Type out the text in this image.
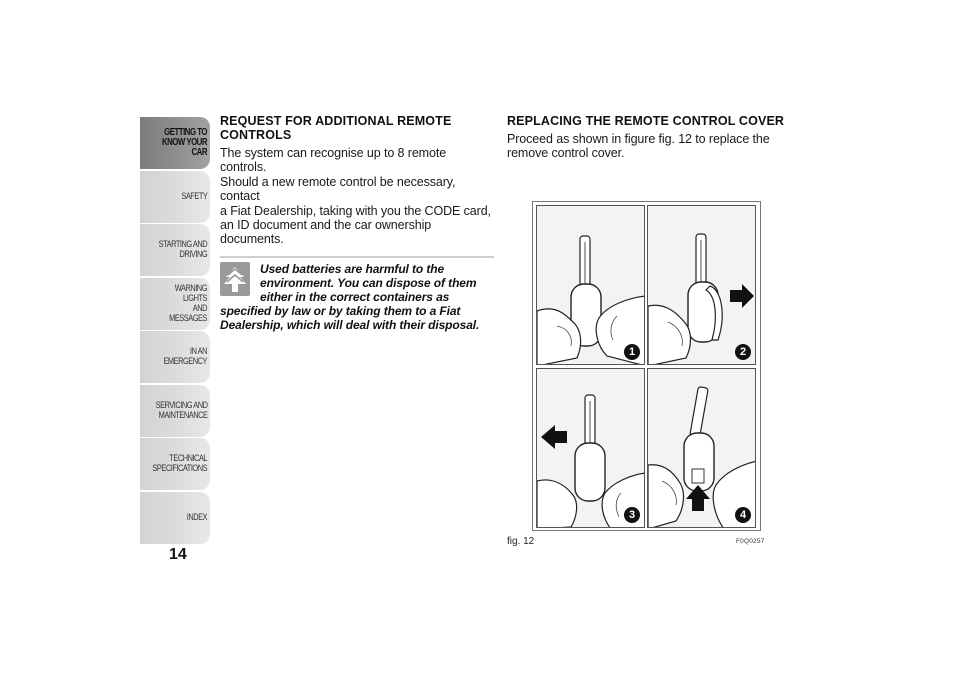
GETTING TO
KNOW YOUR CAR
SAFETY
STARTING AND
DRIVING
WARNING LIGHTS
AND MESSAGES
IN AN EMERGENCY
SERVICING AND
MAINTENANCE
TECHNICAL
SPECIFICATIONS
INDEX
14
REQUEST FOR ADDITIONAL REMOTE
CONTROLS

The system can recognise up to 8 remote controls.
Should a new remote control be necessary, contact
a Fiat Dealership, taking with you the CODE card,
an ID document and the car ownership documents.

Used batteries are harmful to the
environment. You can dispose of them
either in the correct containers as
specified by law or by taking them to a Fiat
Dealership, which will deal with their disposal.

REPLACING THE REMOTE CONTROL COVER

Proceed as shown in figure fig. 12 to replace the
remove control cover.

1	2
3	4
fig. 12	F0Q0257
